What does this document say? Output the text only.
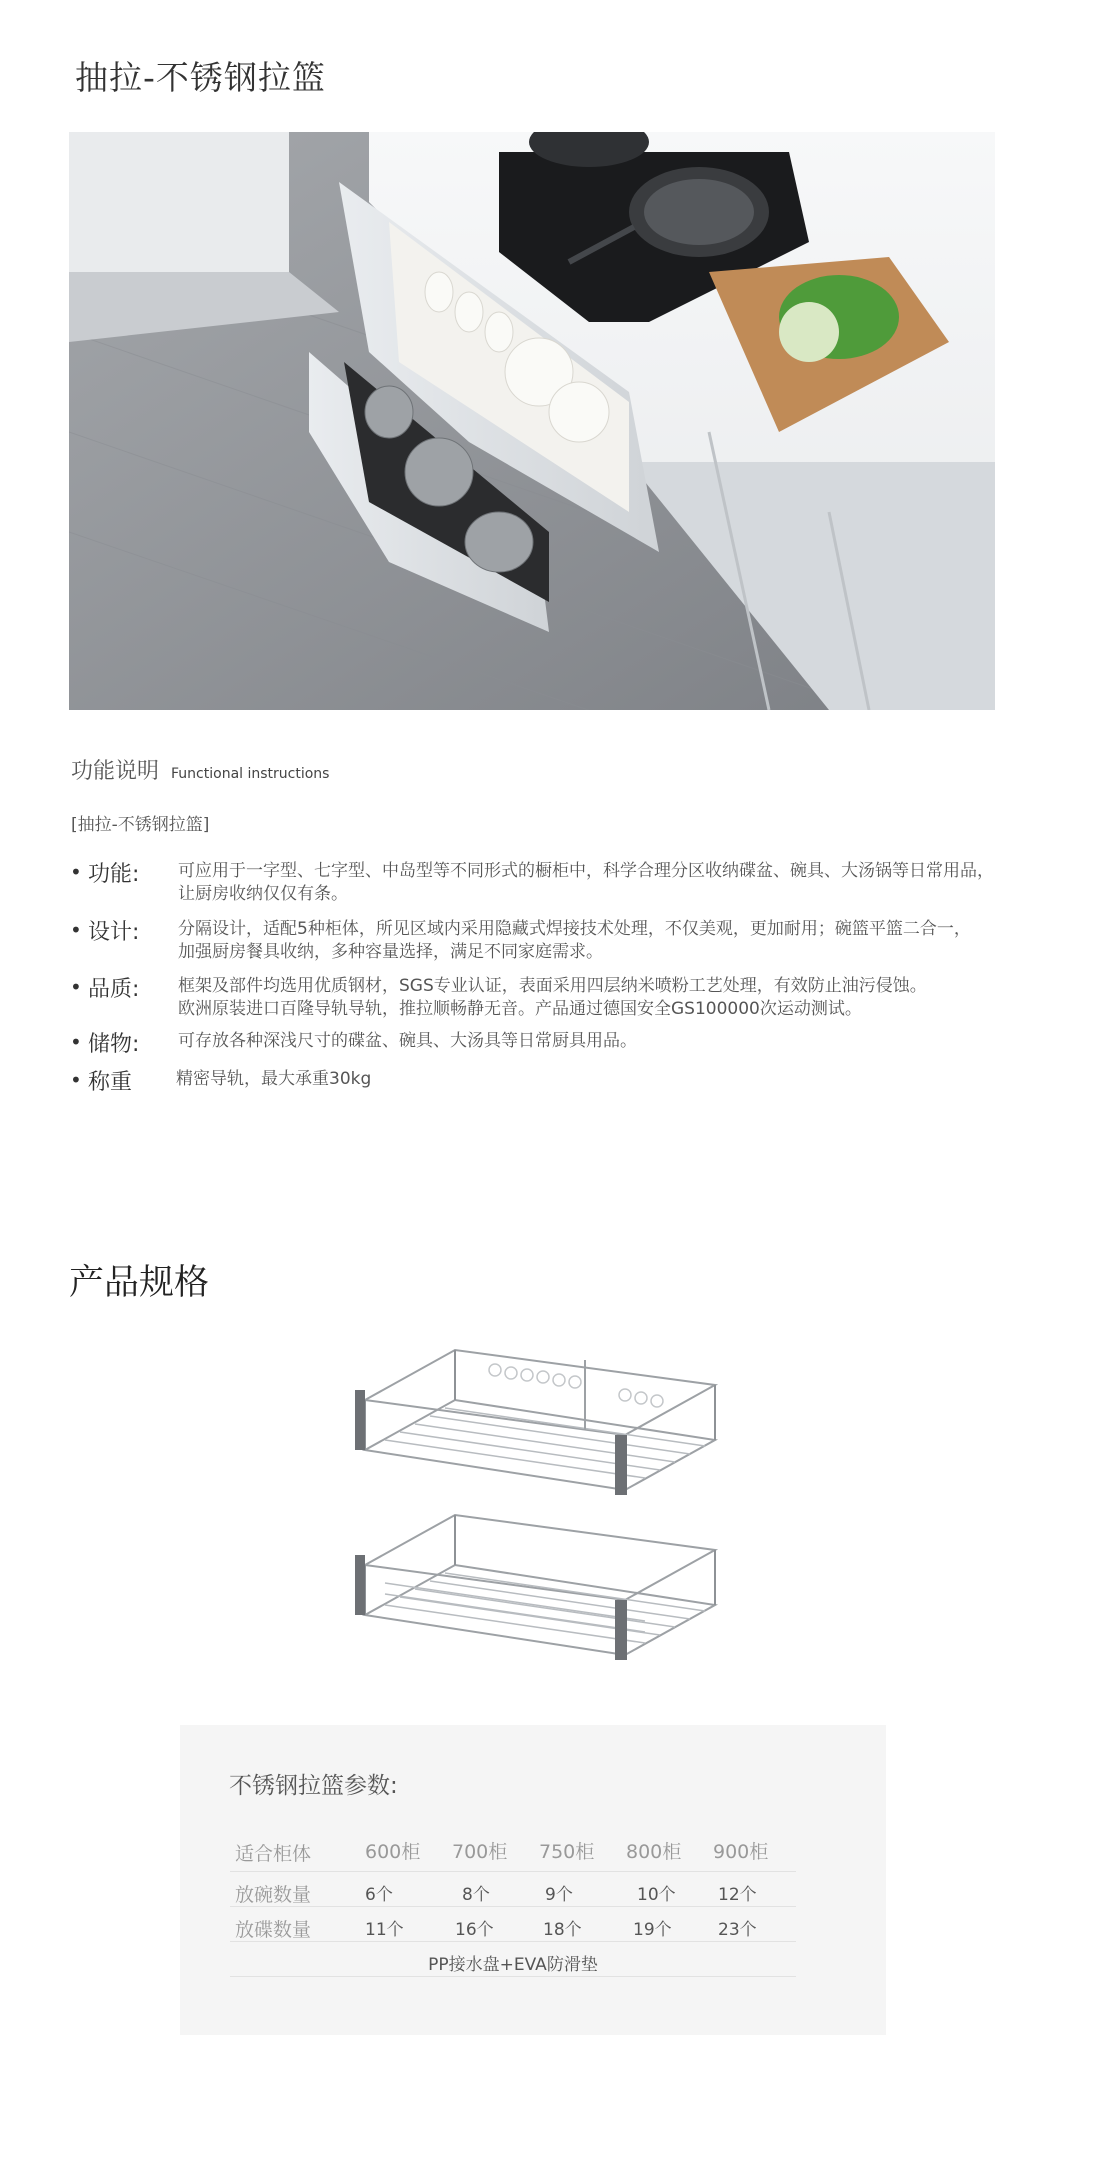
抽拉-不锈钢拉篮
功能说明 Functional instructions
[抽拉-不锈钢拉篮]
• 功能: 可应用于一字型、七字型、中岛型等不同形式的橱柜中，科学合理分区收纳碟盆、碗具、大汤锅等日常用品，
让厨房收纳仅仅有条。
• 设计: 分隔设计，适配5种柜体，所见区域内采用隐藏式焊接技术处理，不仅美观，更加耐用；碗篮平篮二合一，
加强厨房餐具收纳，多种容量选择，满足不同家庭需求。
• 品质: 框架及部件均选用优质钢材，SGS专业认证，表面采用四层纳米喷粉工艺处理，有效防止油污侵蚀。
欧洲原装进口百隆导轨导轨，推拉顺畅静无音。产品通过德国安全GS100000次运动测试。
• 储物: 可存放各种深浅尺寸的碟盆、碗具、大汤具等日常厨具用品。
• 称重	精密导轨，最大承重30kg
产品规格
不锈钢拉篮参数:
适合柜体	600柜 700柜 750柜 800柜 900柜
放碗数量	6个	8个	9个	10个 12个
放碟数量	11个	16个	18个	19个	23个
PP接水盘+EVA防滑垫
